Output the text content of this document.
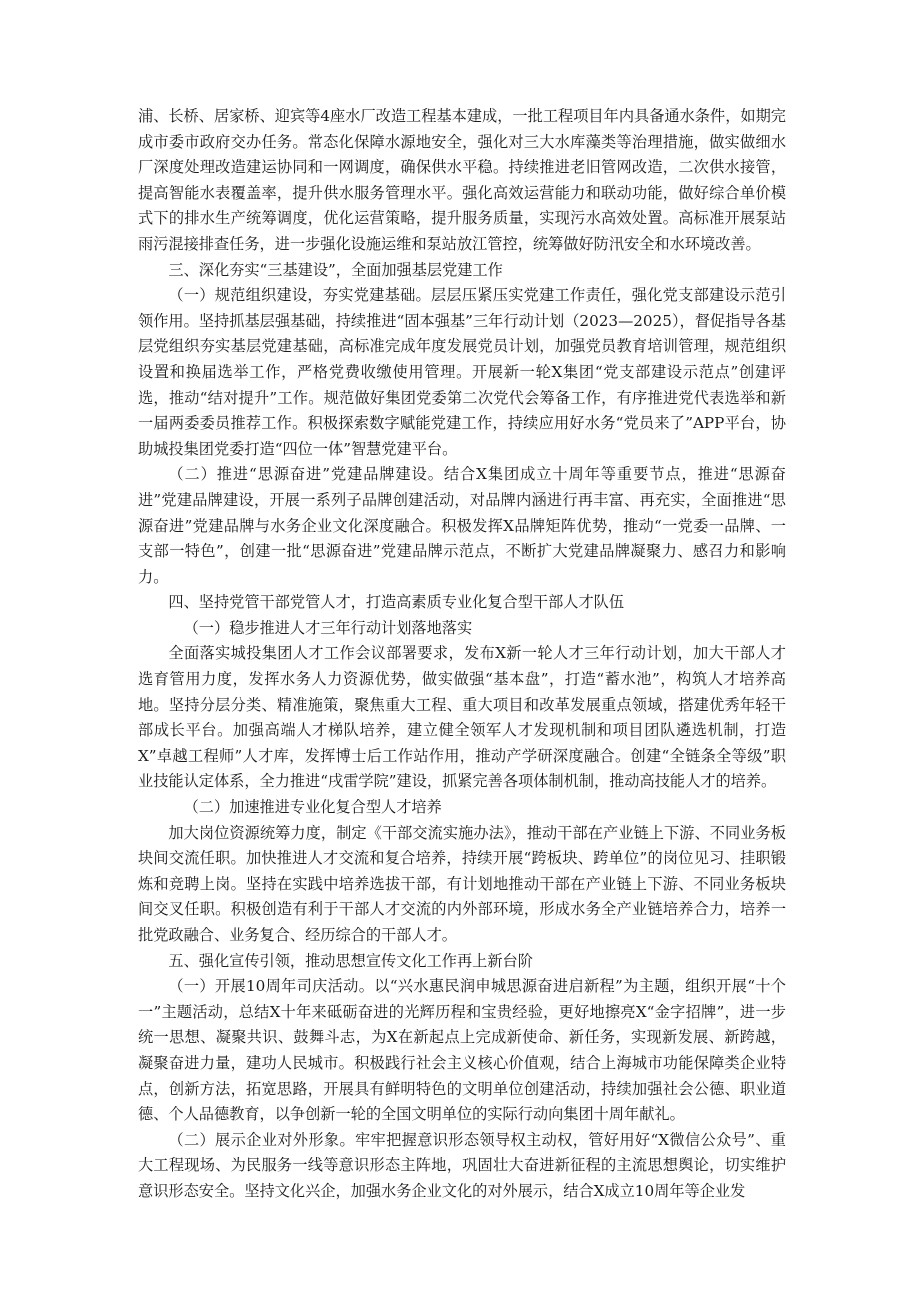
浦、长桥、居家桥、迎宾等4座水厂改造工程基本建成，一批工程项目年内具备通水条件，如期完成市委市政府交办任务。常态化保障水源地安全，强化对三大水库藻类等治理措施，做实做细水厂深度处理改造建运协同和一网调度，确保供水平稳。持续推进老旧管网改造，二次供水接管，提高智能水表覆盖率，提升供水服务管理水平。强化高效运营能力和联动功能，做好综合单价模式下的排水生产统筹调度，优化运营策略，提升服务质量，实现污水高效处置。高标准开展泵站雨污混接排查任务，进一步强化设施运维和泵站放江管控，统筹做好防汛安全和水环境改善。

三、深化夯实“三基建设”，全面加强基层党建工作

（一）规范组织建设，夯实党建基础。层层压紧压实党建工作责任，强化党支部建设示范引领作用。坚持抓基层强基础，持续推进“固本强基”三年行动计划（2023—2025），督促指导各基层党组织夯实基层党建基础，高标准完成年度发展党员计划，加强党员教育培训管理，规范组织设置和换届选举工作，严格党费收缴使用管理。开展新一轮X集团“党支部建设示范点”创建评选，推动“结对提升”工作。规范做好集团党委第二次党代会筹备工作，有序推进党代表选举和新一届两委委员推荐工作。积极探索数字赋能党建工作，持续应用好水务“党员来了”APP平台，协助城投集团党委打造“四位一体”智慧党建平台。

（二）推进“思源奋进”党建品牌建设。结合X集团成立十周年等重要节点，推进“思源奋进”党建品牌建设，开展一系列子品牌创建活动，对品牌内涵进行再丰富、再充实，全面推进“思源奋进”党建品牌与水务企业文化深度融合。积极发挥X品牌矩阵优势，推动“一党委一品牌、一支部一特色”，创建一批“思源奋进”党建品牌示范点，不断扩大党建品牌凝聚力、感召力和影响力。

四、坚持党管干部党管人才，打造高素质专业化复合型干部人才队伍

（一）稳步推进人才三年行动计划落地落实

全面落实城投集团人才工作会议部署要求，发布X新一轮人才三年行动计划，加大干部人才选育管用力度，发挥水务人力资源优势，做实做强“基本盘”，打造“蓄水池”，构筑人才培养高地。坚持分层分类、精准施策，聚焦重大工程、重大项目和改革发展重点领域，搭建优秀年轻干部成长平台。加强高端人才梯队培养，建立健全领军人才发现机制和项目团队遴选机制，打造X”卓越工程师”人才库，发挥博士后工作站作用，推动产学研深度融合。创建“全链条全等级”职业技能认定体系，全力推进“戌雷学院”建设，抓紧完善各项体制机制，推动高技能人才的培养。

（二）加速推进专业化复合型人才培养

加大岗位资源统筹力度，制定《干部交流实施办法》，推动干部在产业链上下游、不同业务板块间交流任职。加快推进人才交流和复合培养，持续开展“跨板块、跨单位”的岗位见习、挂职锻炼和竞聘上岗。坚持在实践中培养选拔干部，有计划地推动干部在产业链上下游、不同业务板块间交叉任职。积极创造有利于干部人才交流的内外部环境，形成水务全产业链培养合力，培养一批党政融合、业务复合、经历综合的干部人才。

五、强化宣传引领，推动思想宣传文化工作再上新台阶

（一）开展10周年司庆活动。以“兴水惠民润申城思源奋进启新程”为主题，组织开展“十个一”主题活动，总结X十年来砥砺奋进的光辉历程和宝贵经验，更好地擦亮X“金字招牌”，进一步统一思想、凝聚共识、鼓舞斗志，为X在新起点上完成新使命、新任务，实现新发展、新跨越，凝聚奋进力量，建功人民城市。积极践行社会主义核心价值观，结合上海城市功能保障类企业特点，创新方法，拓宽思路，开展具有鲜明特色的文明单位创建活动，持续加强社会公德、职业道德、个人品德教育，以争创新一轮的全国文明单位的实际行动向集团十周年献礼。

（二）展示企业对外形象。牢牢把握意识形态领导权主动权，管好用好“X微信公众号”、重大工程现场、为民服务一线等意识形态主阵地，巩固壮大奋进新征程的主流思想舆论，切实维护意识形态安全。坚持文化兴企，加强水务企业文化的对外展示，结合X成立10周年等企业发
